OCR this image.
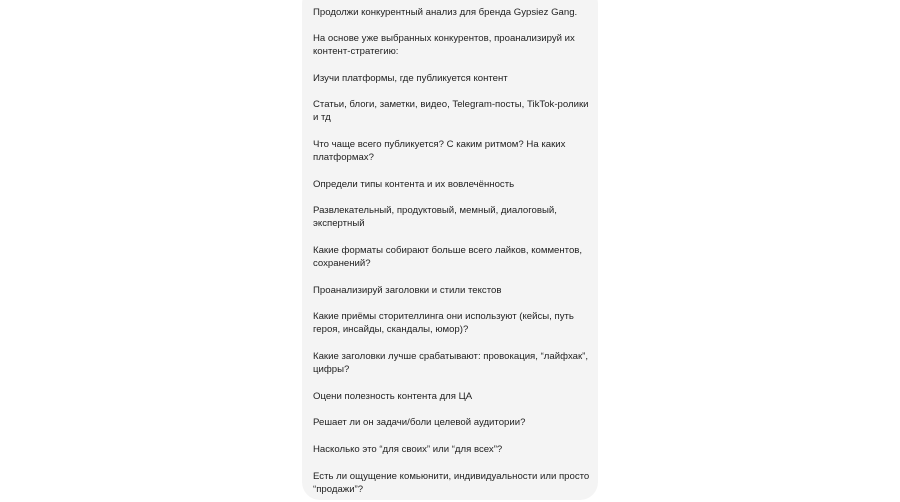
Продолжи конкурентный анализ для бренда Gypsiez Gang.

На основе уже выбранных конкурентов, проанализируй их контент-стратегию:

Изучи платформы, где публикуется контент

Статьи, блоги, заметки, видео, Telegram-посты, TikTok-ролики и тд

Что чаще всего публикуется? С каким ритмом? На каких платформах?

Определи типы контента и их вовлечённость

Развлекательный, продуктовый, мемный, диалоговый, экспертный

Какие форматы собирают больше всего лайков, комментов, сохранений?

Проанализируй заголовки и стили текстов

Какие приёмы сторителлинга они используют (кейсы, путь героя, инсайды, скандалы, юмор)?

Какие заголовки лучше срабатывают: провокация, “лайфхак”, цифры?

Оцени полезность контента для ЦА

Решает ли он задачи/боли целевой аудитории?

Насколько это “для своих” или “для всех”?

Есть ли ощущение комьюнити, индивидуальности или просто “продажи”?
